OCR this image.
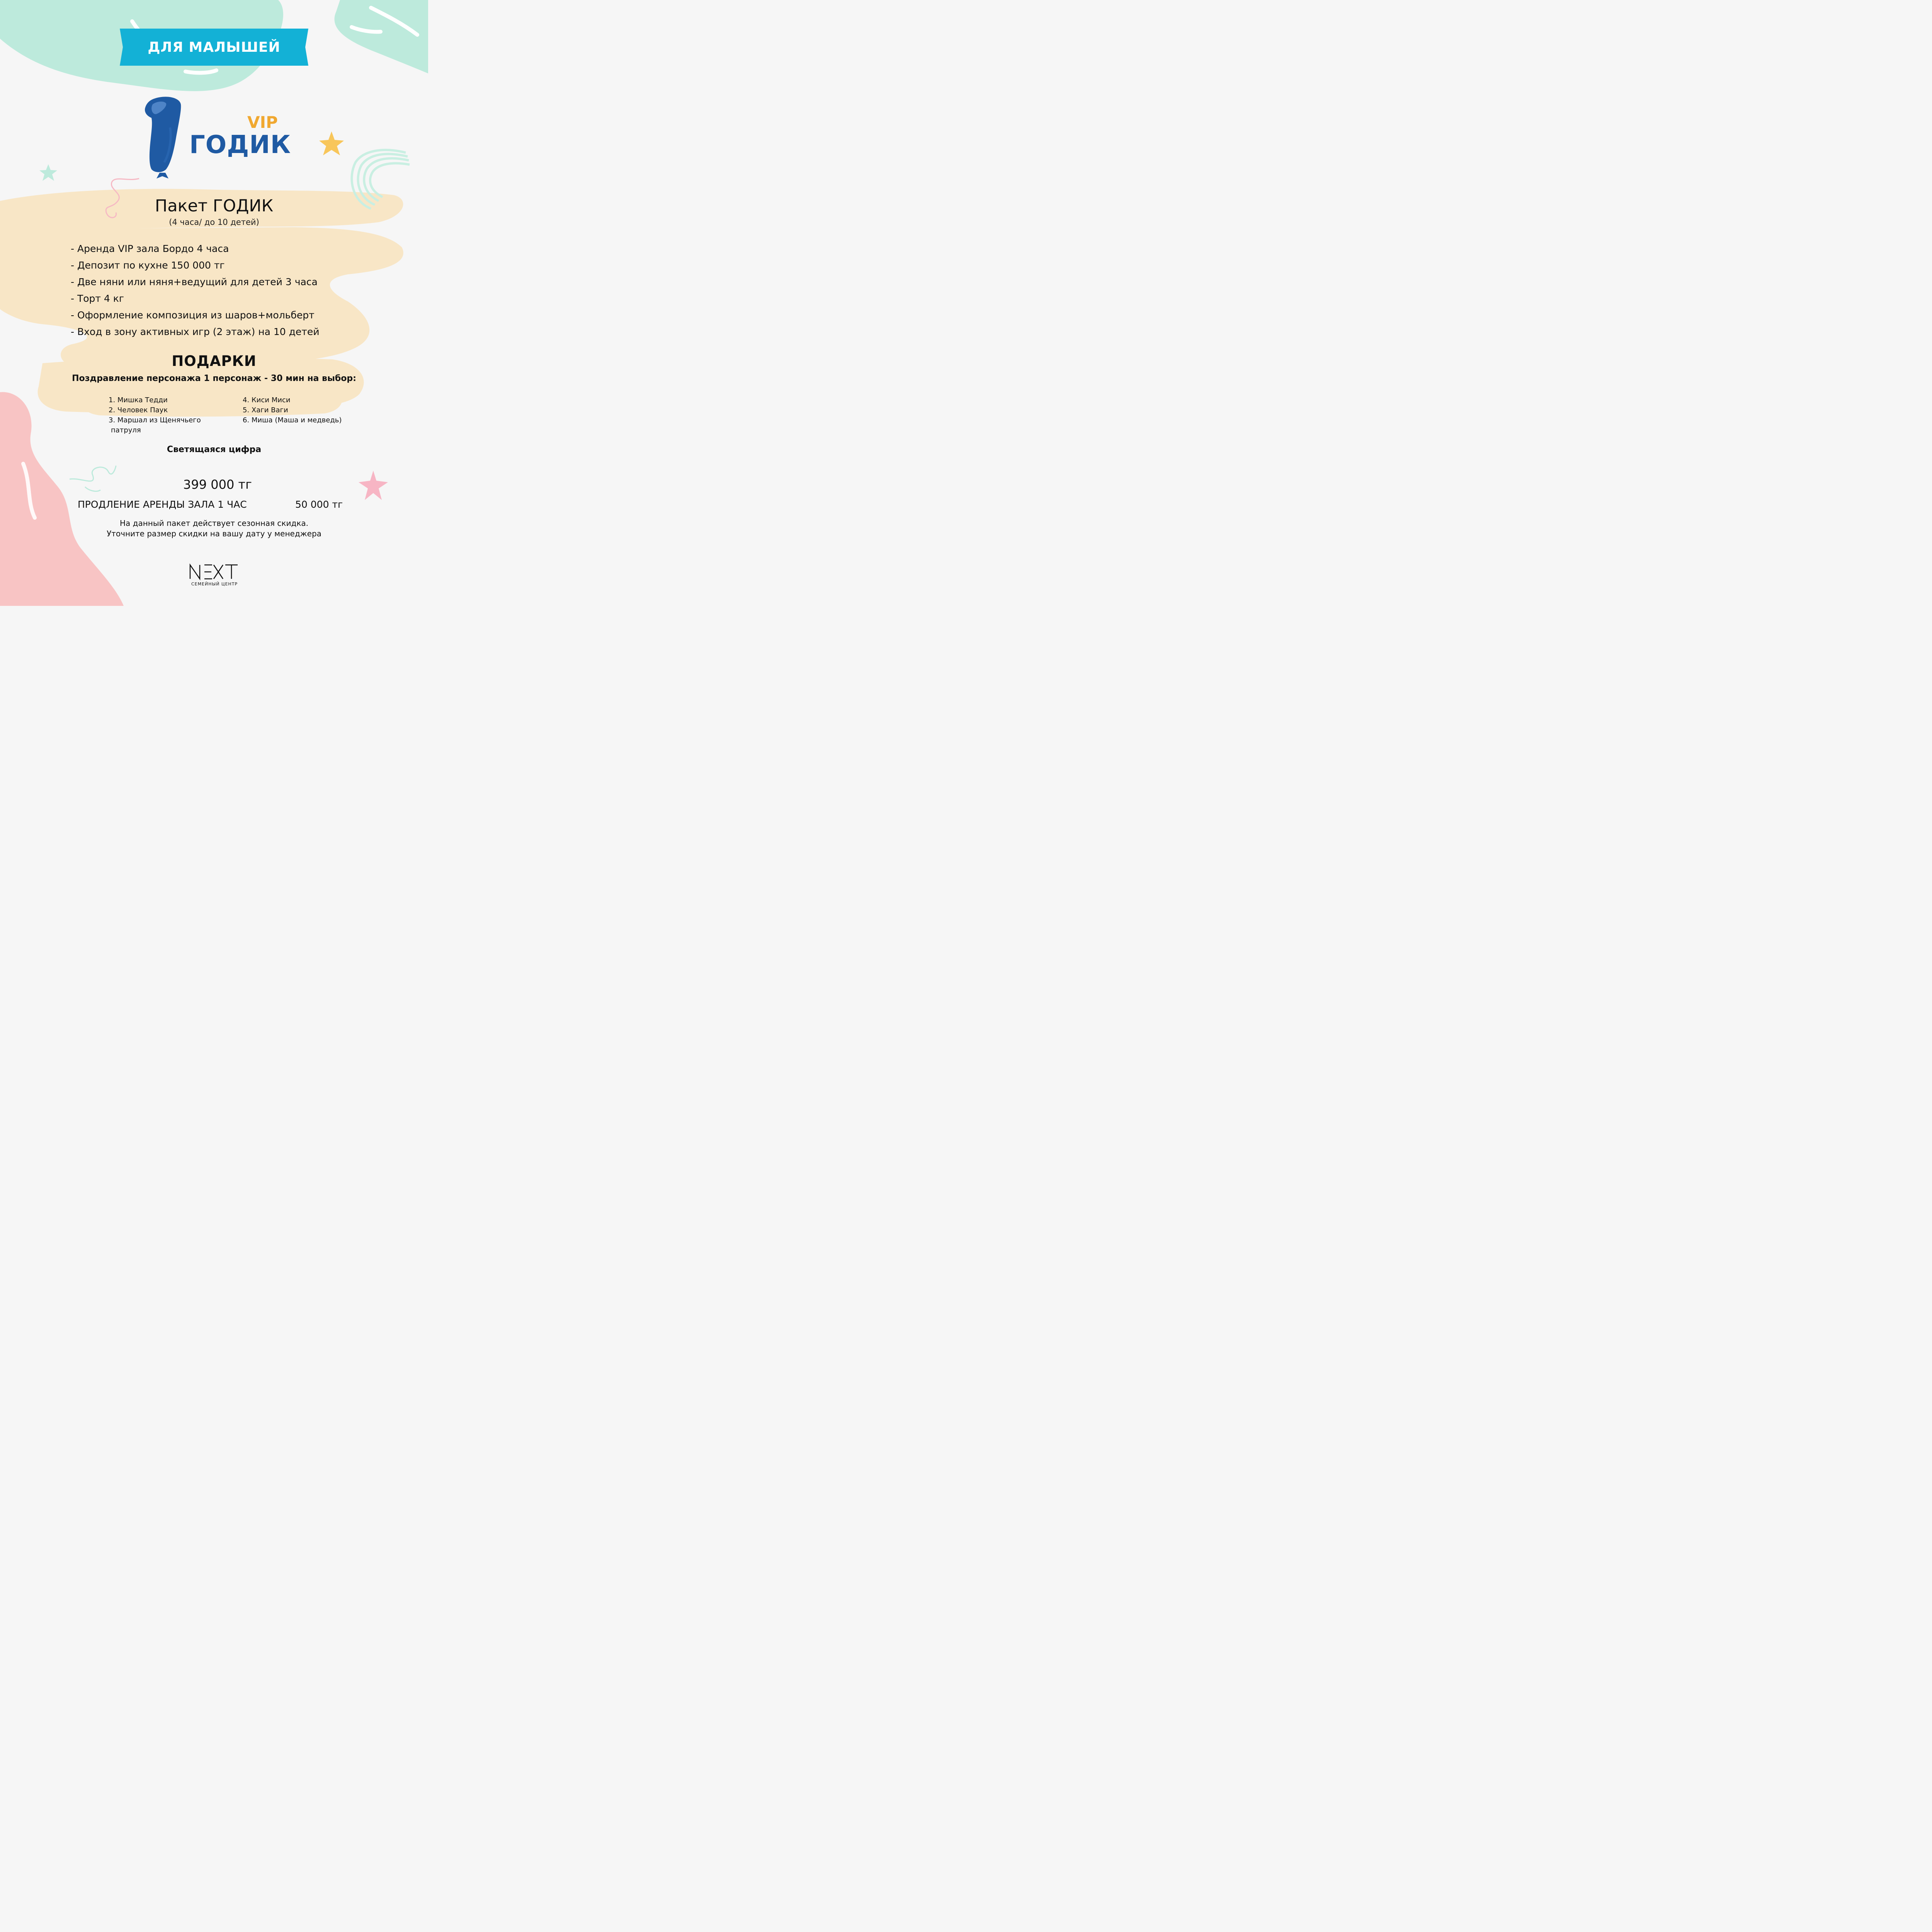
ДЛЯ МАЛЫШЕЙ
VIP
ГОДИК
Пакет ГОДИК
(4 часа/ до 10 детей)
- Аренда VIP зала Бордо 4 часа
- Депозит по кухне 150 000 тг
- Две няни или няня+ведущий для детей 3 часа
- Торт 4 кг
- Оформление композиция из шаров+мольберт
- Вход в зону активных игр (2 этаж) на 10 детей
ПОДАРКИ
Поздравление персонажа 1 персонаж - 30 мин на выбор:
1. Мишка Тедди
2. Человек Паук
3. Маршал из Щенячьего
патруля
4. Киси Миси
5. Хаги Ваги
6. Миша (Маша и медведь)
Светящаяся цифра
399 000 тг
ПРОДЛЕНИЕ АРЕНДЫ ЗАЛА 1 ЧАС	50 000 тг
На данный пакет действует сезонная скидка.
Уточните размер скидки на вашу дату у менеджера
СЕМЕЙНЫЙ ЦЕНТР
